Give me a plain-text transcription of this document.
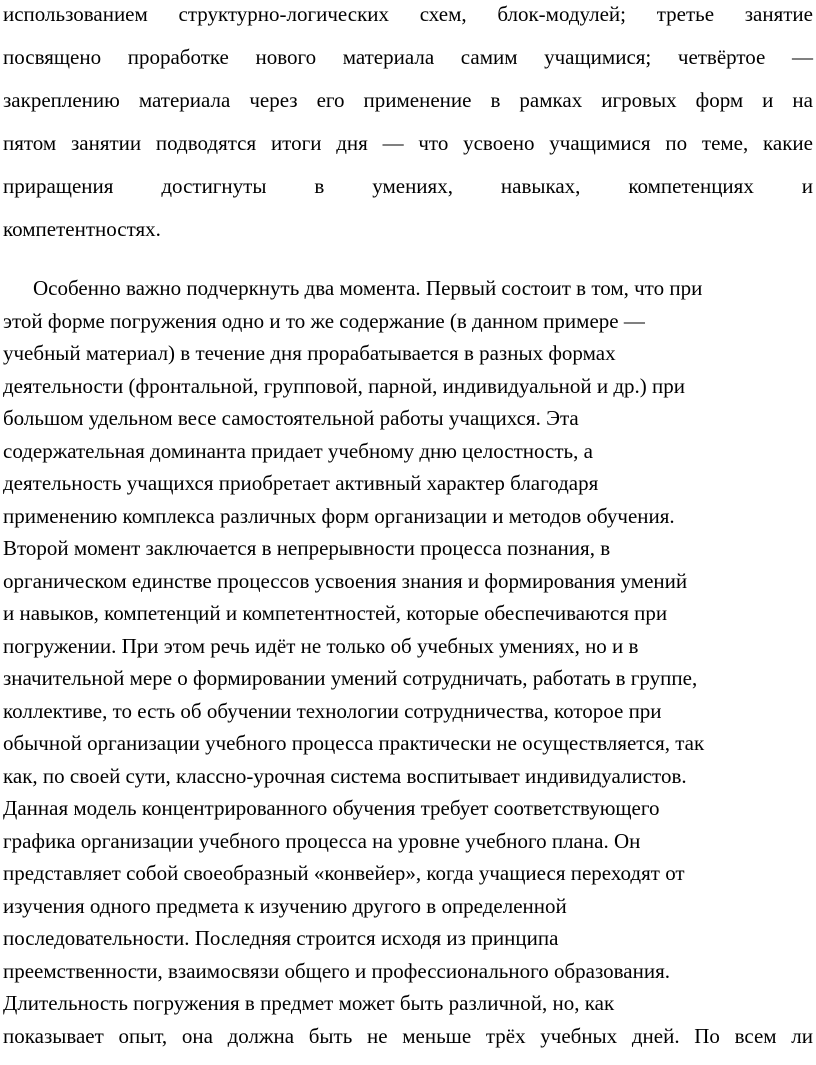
использованием структурно-логических схем, блок-модулей; третье занятие
посвящено проработке нового материала самим учащимися; четвёртое —
закреплению материала через его применение в рамках игровых форм и на
пятом занятии подводятся итоги дня — что усвоено учащимися по теме, какие
приращения достигнуты в умениях, навыках, компетенциях и
компетентностях.
Особенно важно подчеркнуть два момента. Первый состоит в том, что при
этой форме погружения одно и то же содержание (в данном примере —
учебный материал) в течение дня прорабатывается в разных формах
деятельности (фронтальной, групповой, парной, индивидуальной и др.) при
большом удельном весе самостоятельной работы учащихся. Эта
содержательная доминанта придает учебному дню целостность, а
деятельность учащихся приобретает активный характер благодаря
применению комплекса различных форм организации и методов обучения.
Второй момент заключается в непрерывности процесса познания, в
органическом единстве процессов усвоения знания и формирования умений
и навыков, компетенций и компетентностей, которые обеспечиваются при
погружении. При этом речь идёт не только об учебных умениях, но и в
значительной мере о формировании умений сотрудничать, работать в группе,
коллективе, то есть об обучении технологии сотрудничества, которое при
обычной организации учебного процесса практически не осуществляется, так
как, по своей сути, классно-урочная система воспитывает индивидуалистов.
Данная модель концентрированного обучения требует соответствующего
графика организации учебного процесса на уровне учебного плана. Он
представляет собой своеобразный «конвейер», когда учащиеся переходят от
изучения одного предмета к изучению другого в определенной
последовательности. Последняя строится исходя из принципа
преемственности, взаимосвязи общего и профессионального образования.
Длительность погружения в предмет может быть различной, но, как
показывает опыт, она должна быть не меньше трёх учебных дней. По всем ли
